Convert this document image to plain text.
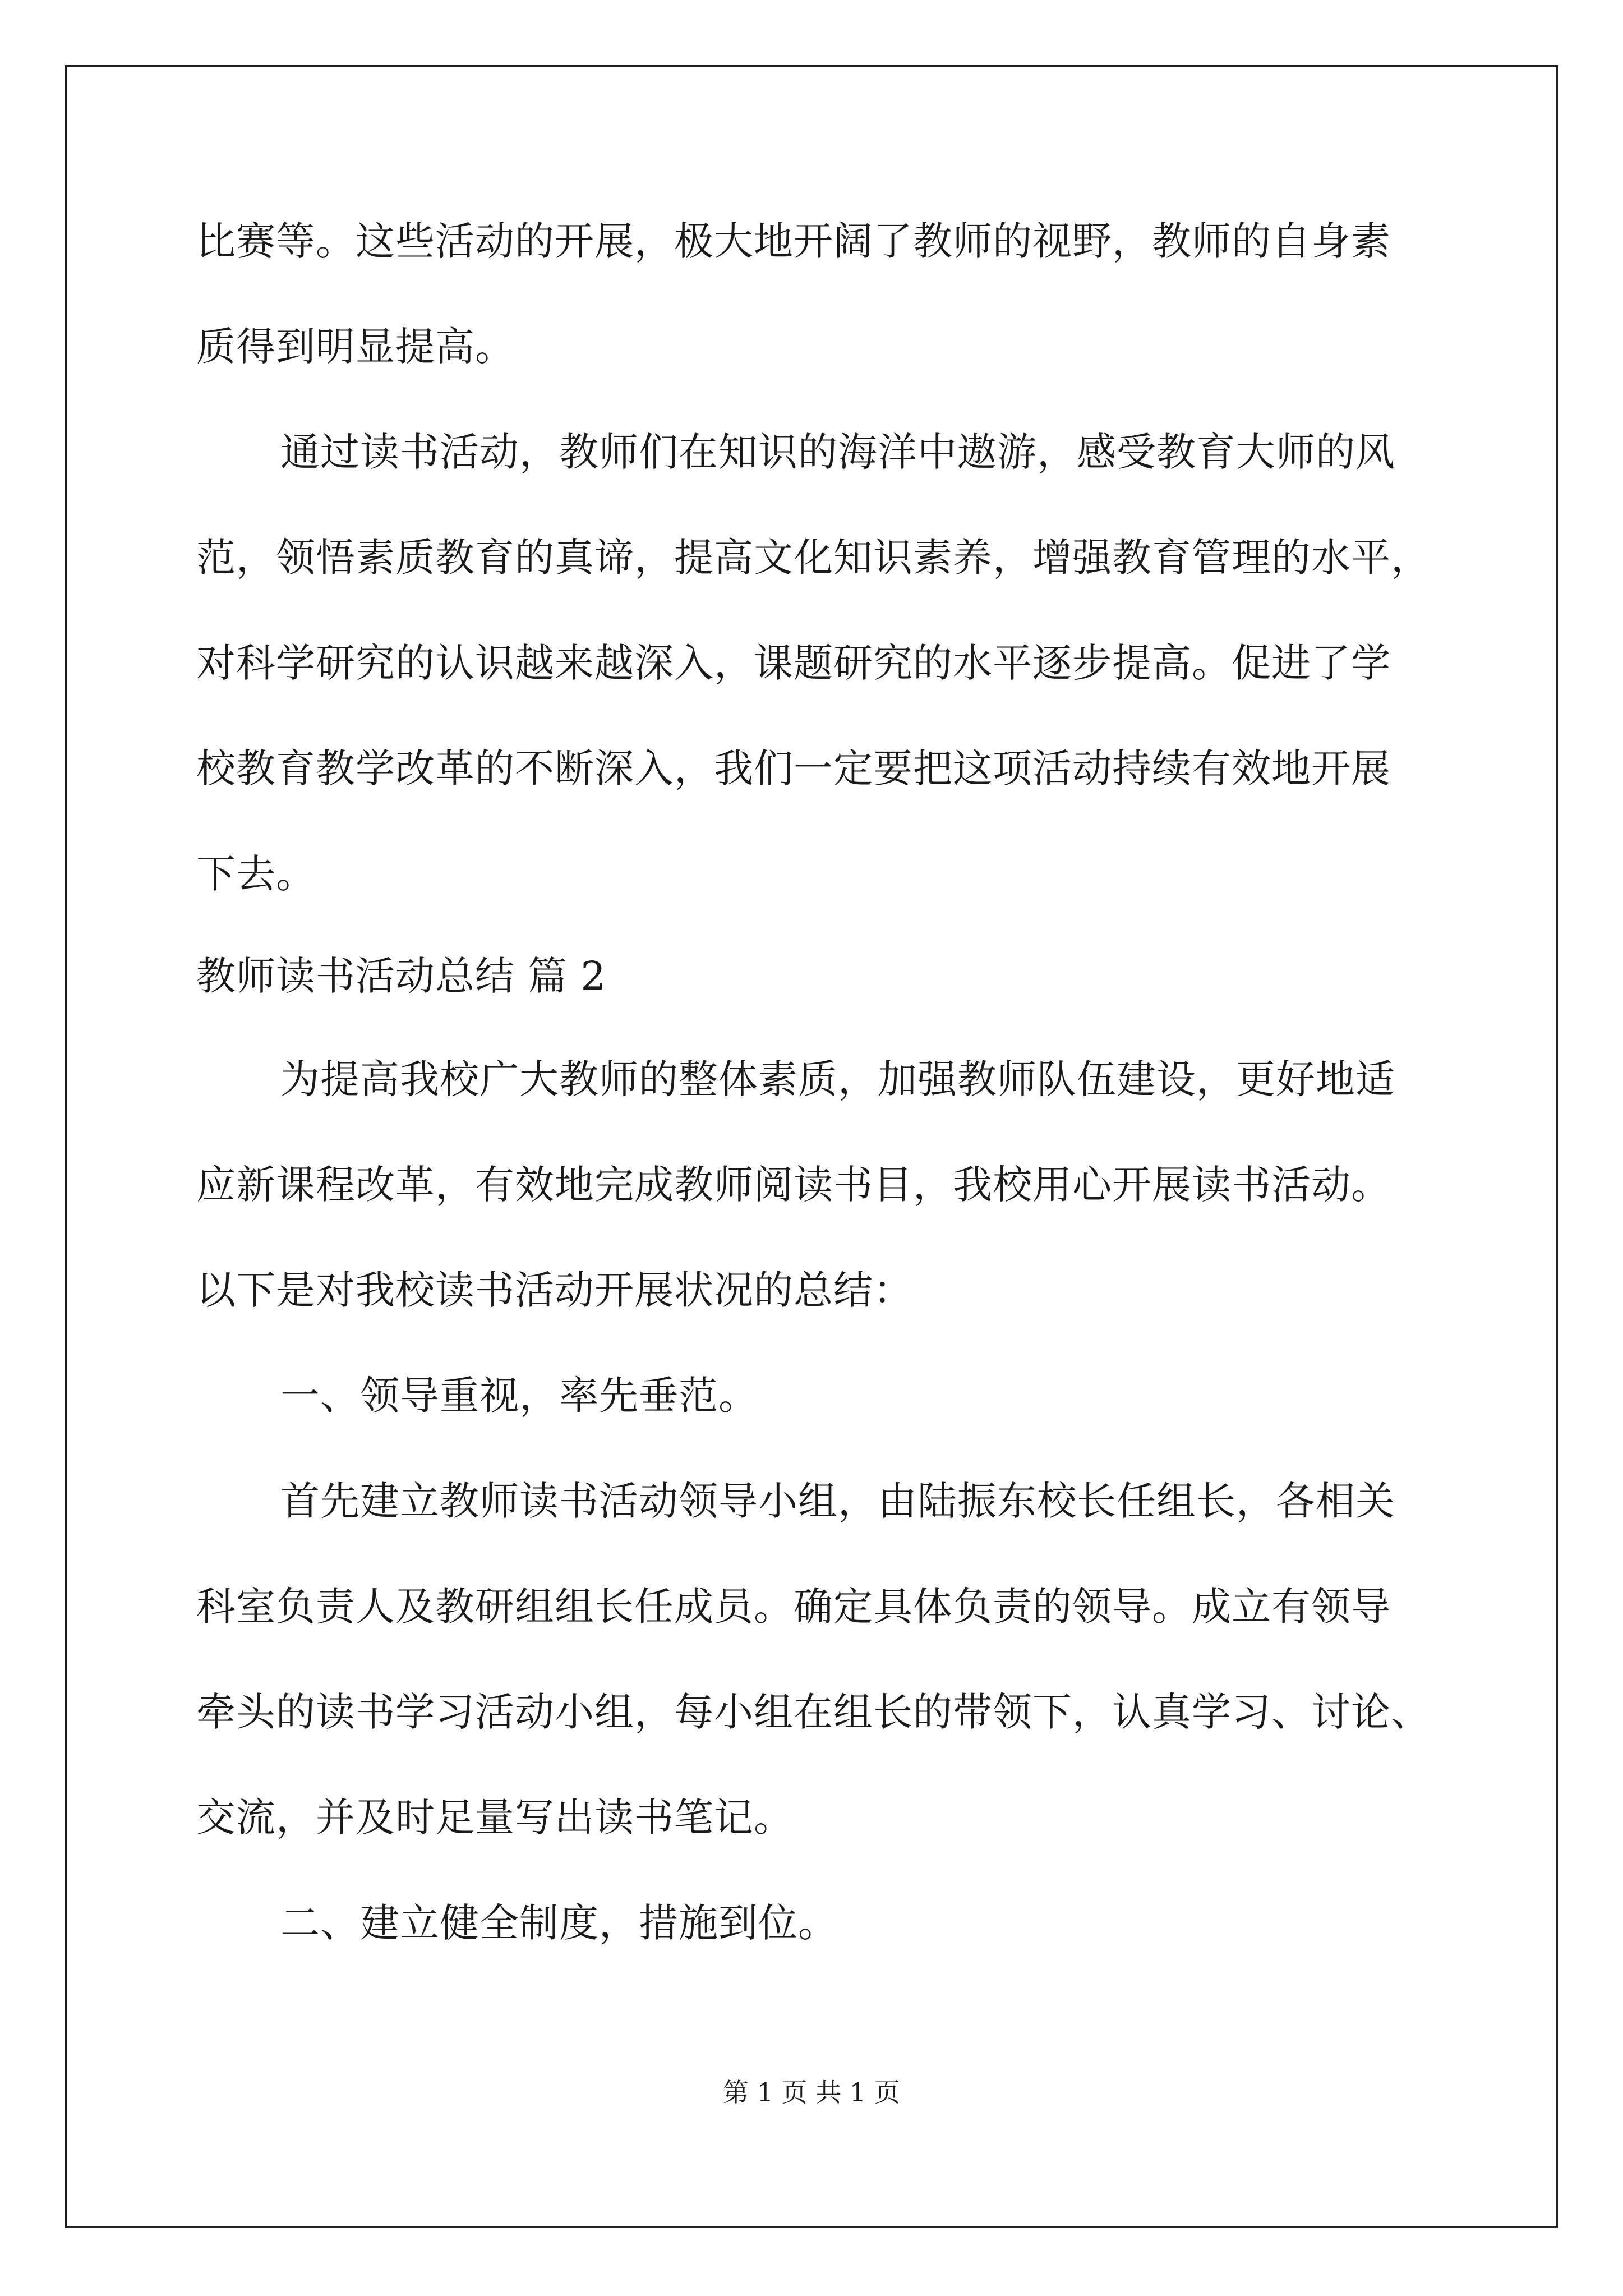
比赛等。这些活动的开展，极大地开阔了教师的视野，教师的自身素
质得到明显提高。
通过读书活动，教师们在知识的海洋中遨游，感受教育大师的风
范，领悟素质教育的真谛，提高文化知识素养，增强教育管理的水平，
对科学研究的认识越来越深入，课题研究的水平逐步提高。促进了学
校教育教学改革的不断深入，我们一定要把这项活动持续有效地开展
下去。
教师读书活动总结 篇 2
为提高我校广大教师的整体素质，加强教师队伍建设，更好地适
应新课程改革，有效地完成教师阅读书目，我校用心开展读书活动。
以下是对我校读书活动开展状况的总结：
一、领导重视，率先垂范。
首先建立教师读书活动领导小组，由陆振东校长任组长，各相关
科室负责人及教研组组长任成员。确定具体负责的领导。成立有领导
牵头的读书学习活动小组，每小组在组长的带领下，认真学习、讨论、
交流，并及时足量写出读书笔记。
二、建立健全制度，措施到位。
第 1 页 共 1 页
